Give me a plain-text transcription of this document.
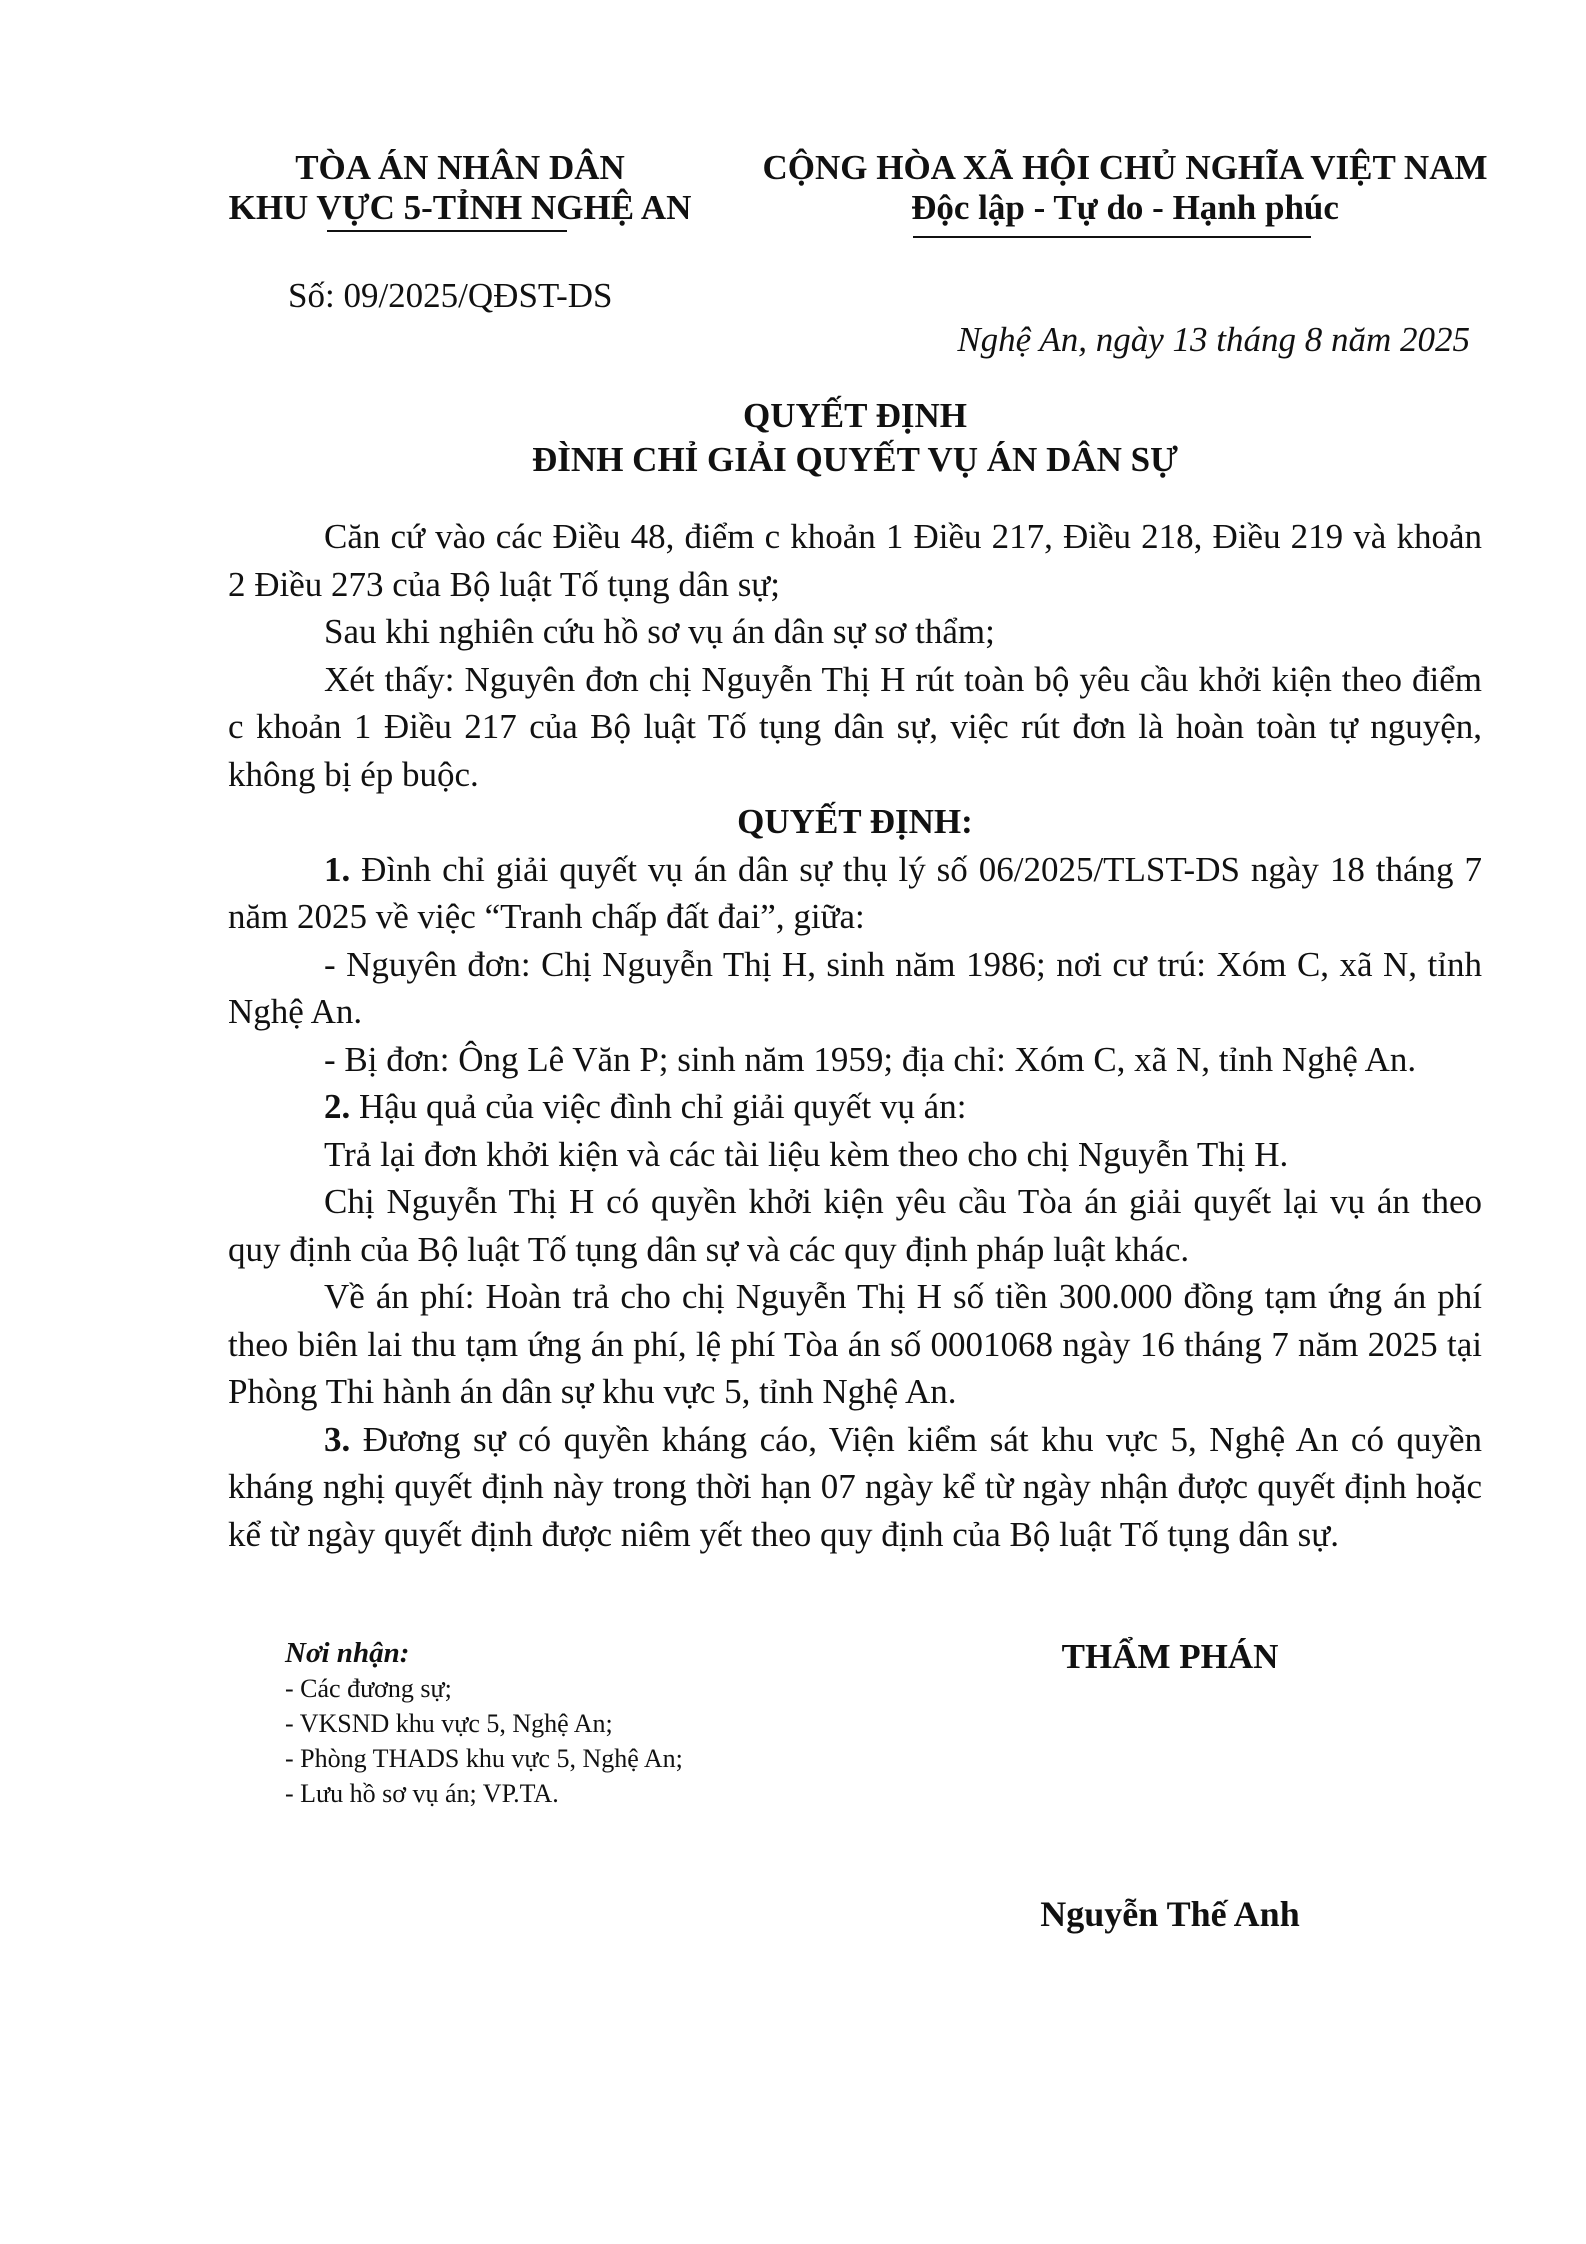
TÒA ÁN NHÂN DÂN
KHU VỰC 5-TỈNH NGHỆ AN
CỘNG HÒA XÃ HỘI CHỦ NGHĨA VIỆT NAM
Độc lập - Tự do - Hạnh phúc
Số: 09/2025/QĐST-DS
Nghệ An, ngày 13 tháng 8 năm 2025
QUYẾT ĐỊNH
ĐÌNH CHỈ GIẢI QUYẾT VỤ ÁN DÂN SỰ

Căn cứ vào các Điều 48, điểm c khoản 1 Điều 217, Điều 218, Điều 219 và khoản 2 Điều 273 của Bộ luật Tố tụng dân sự;

Sau khi nghiên cứu hồ sơ vụ án dân sự sơ thẩm;

Xét thấy: Nguyên đơn chị Nguyễn Thị H rút toàn bộ yêu cầu khởi kiện theo điểm c khoản 1 Điều 217 của Bộ luật Tố tụng dân sự, việc rút đơn là hoàn toàn tự nguyện, không bị ép buộc.

QUYẾT ĐỊNH:

1. Đình chỉ giải quyết vụ án dân sự thụ lý số 06/2025/TLST-DS ngày 18 tháng 7 năm 2025 về việc “Tranh chấp đất đai”, giữa:

- Nguyên đơn: Chị Nguyễn Thị H, sinh năm 1986; nơi cư trú: Xóm C, xã N, tỉnh Nghệ An.

- Bị đơn: Ông Lê Văn P; sinh năm 1959; địa chỉ: Xóm C, xã N, tỉnh Nghệ An.

2. Hậu quả của việc đình chỉ giải quyết vụ án:

Trả lại đơn khởi kiện và các tài liệu kèm theo cho chị Nguyễn Thị H.

Chị Nguyễn Thị H có quyền khởi kiện yêu cầu Tòa án giải quyết lại vụ án theo quy định của Bộ luật Tố tụng dân sự và các quy định pháp luật khác.

Về án phí: Hoàn trả cho chị Nguyễn Thị H số tiền 300.000 đồng tạm ứng án phí theo biên lai thu tạm ứng án phí, lệ phí Tòa án số 0001068 ngày 16 tháng 7 năm 2025 tại Phòng Thi hành án dân sự khu vực 5, tỉnh Nghệ An.

3. Đương sự có quyền kháng cáo, Viện kiểm sát khu vực 5, Nghệ An có quyền kháng nghị quyết định này trong thời hạn 07 ngày kể từ ngày nhận được quyết định hoặc kể từ ngày quyết định được niêm yết theo quy định của Bộ luật Tố tụng dân sự.

Nơi nhận:
- Các đương sự;
- VKSND khu vực 5, Nghệ An;
- Phòng THADS khu vực 5, Nghệ An;
- Lưu hồ sơ vụ án; VP.TA.
THẨM PHÁN
Nguyễn Thế Anh
